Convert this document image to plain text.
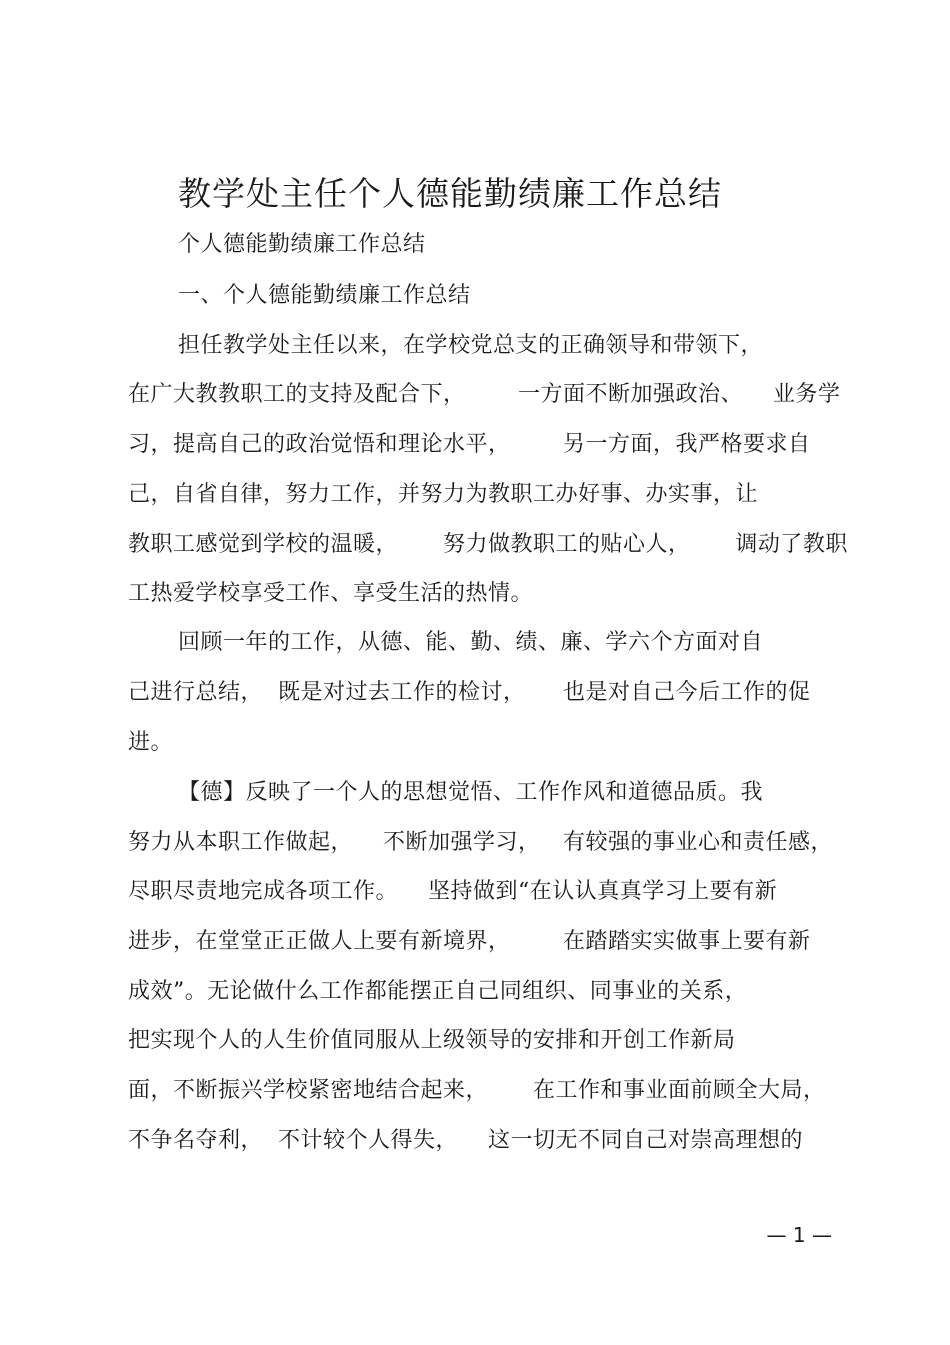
教学处主任个人德能勤绩廉工作总结
个人德能勤绩廉工作总结
一、个人德能勤绩廉工作总结
担任教学处主任以来，在学校党总支的正确领导和带领下，
在广大教教职工的支持及配合下，       一方面不断加强政治、    业务学
习，提高自己的政治觉悟和理论水平，       另一方面，我严格要求自
己，自省自律，努力工作，并努力为教职工办好事、办实事，让
教职工感觉到学校的温暖，      努力做教职工的贴心人，      调动了教职
工热爱学校享受工作、享受生活的热情。
回顾一年的工作，从德、能、勤、绩、廉、学六个方面对自
己进行总结，  既是对过去工作的检讨，     也是对自己今后工作的促
进。
【德】反映了一个人的思想觉悟、工作作风和道德品质。我
努力从本职工作做起，    不断加强学习，   有较强的事业心和责任感，
尽职尽责地完成各项工作。    坚持做到“在认认真真学习上要有新
进步，在堂堂正正做人上要有新境界，       在踏踏实实做事上要有新
成效”。无论做什么工作都能摆正自己同组织、同事业的关系，
把实现个人的人生价值同服从上级领导的安排和开创工作新局
面，不断振兴学校紧密地结合起来，      在工作和事业面前顾全大局，
不争名夺利，  不计较个人得失，    这一切无不同自己对崇高理想的
— 1 —
